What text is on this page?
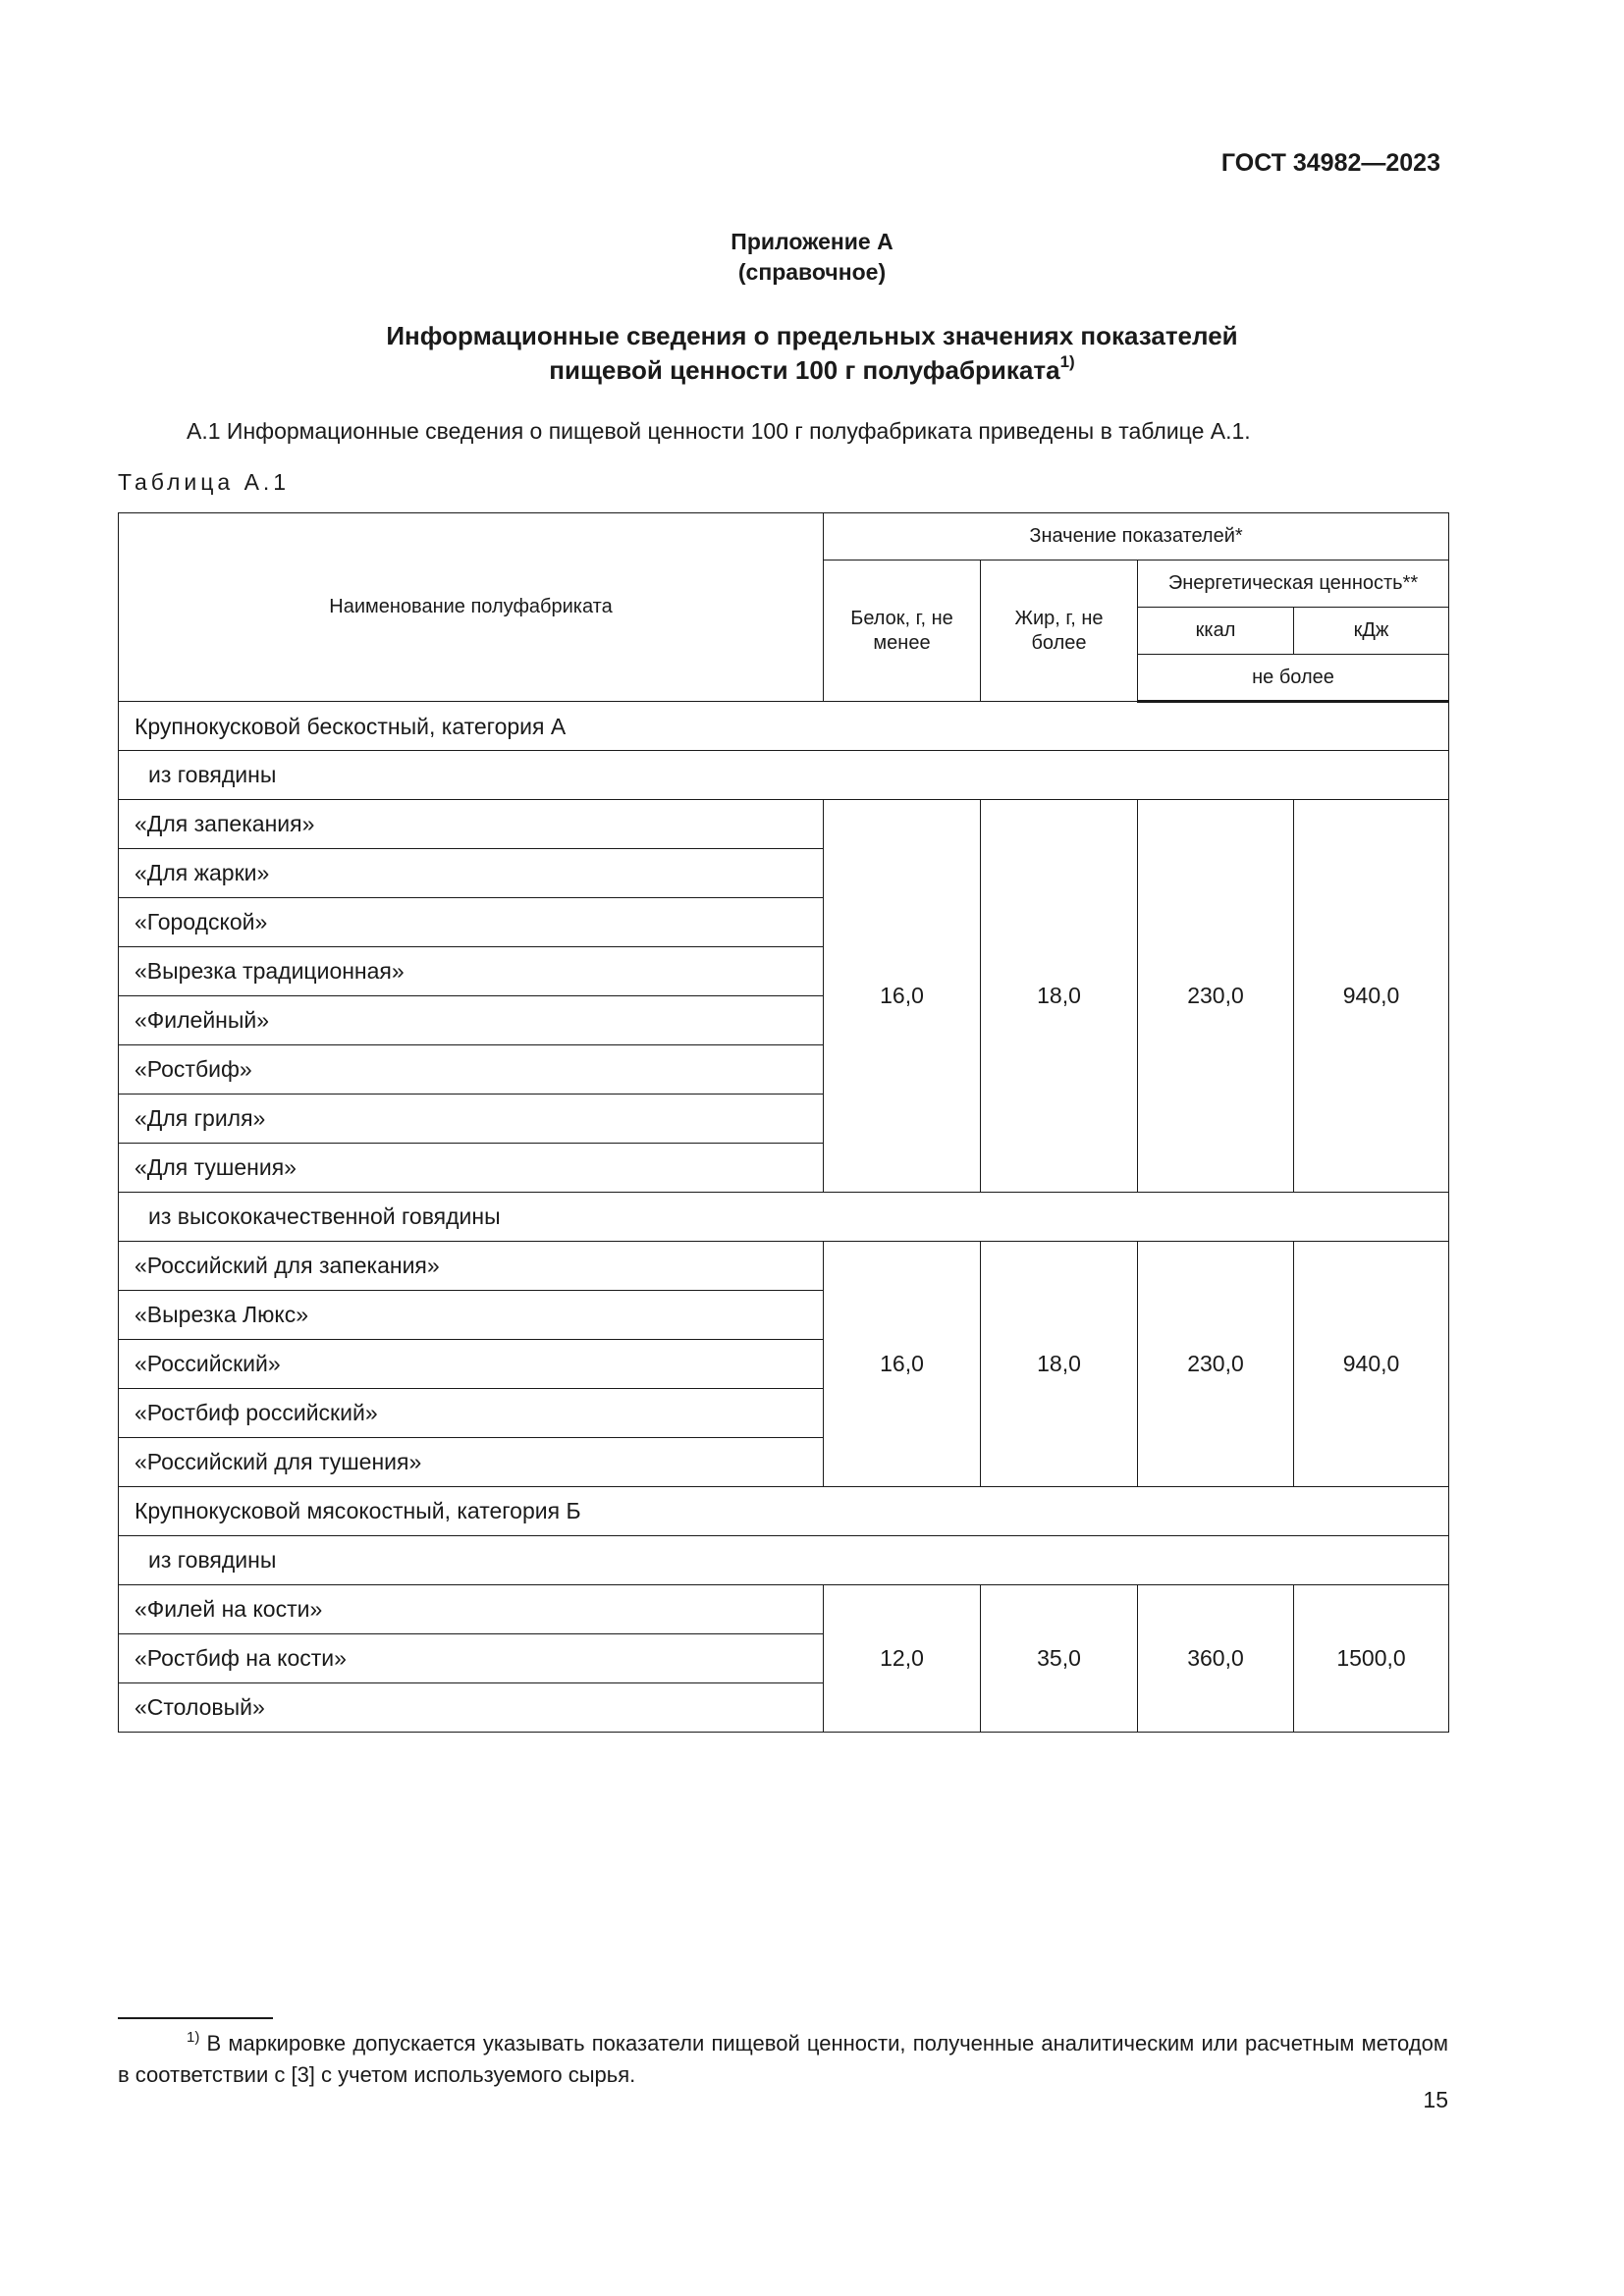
ГОСТ 34982—2023
Приложение А
(справочное)
Информационные сведения о предельных значениях показателей
пищевой ценности 100 г полуфабриката$^{1)}$
А.1 Информационные сведения о пищевой ценности 100 г полуфабриката приведены в таблице А.1.
Таблица А.1
Наименование полуфабриката	Значение показателей*			
	Белок, г, не менее	Жир, г, не более	Энергетическая ценность**	
			ккал	кДж
			не более	
Крупнокусковой бескостный, категория А				
из говядины				
«Для запекания»	16,0	18,0	230,0	940,0
«Для жарки»				
«Городской»				
«Вырезка традиционная»				
«Филейный»				
«Ростбиф»				
«Для гриля»				
«Для тушения»				
из высококачественной говядины				
«Российский для запекания»	16,0	18,0	230,0	940,0
«Вырезка Люкс»				
«Российский»				
«Ростбиф российский»				
«Российский для тушения»				
Крупнокусковой мясокостный, категория Б				
из говядины				
«Филей на кости»	12,0	35,0	360,0	1500,0
«Ростбиф на кости»				
«Столовый»				
$^{1)}$ В маркировке допускается указывать показатели пищевой ценности, полученные аналитическим или расчетным методом в соответствии с [3] с учетом используемого сырья.
15
